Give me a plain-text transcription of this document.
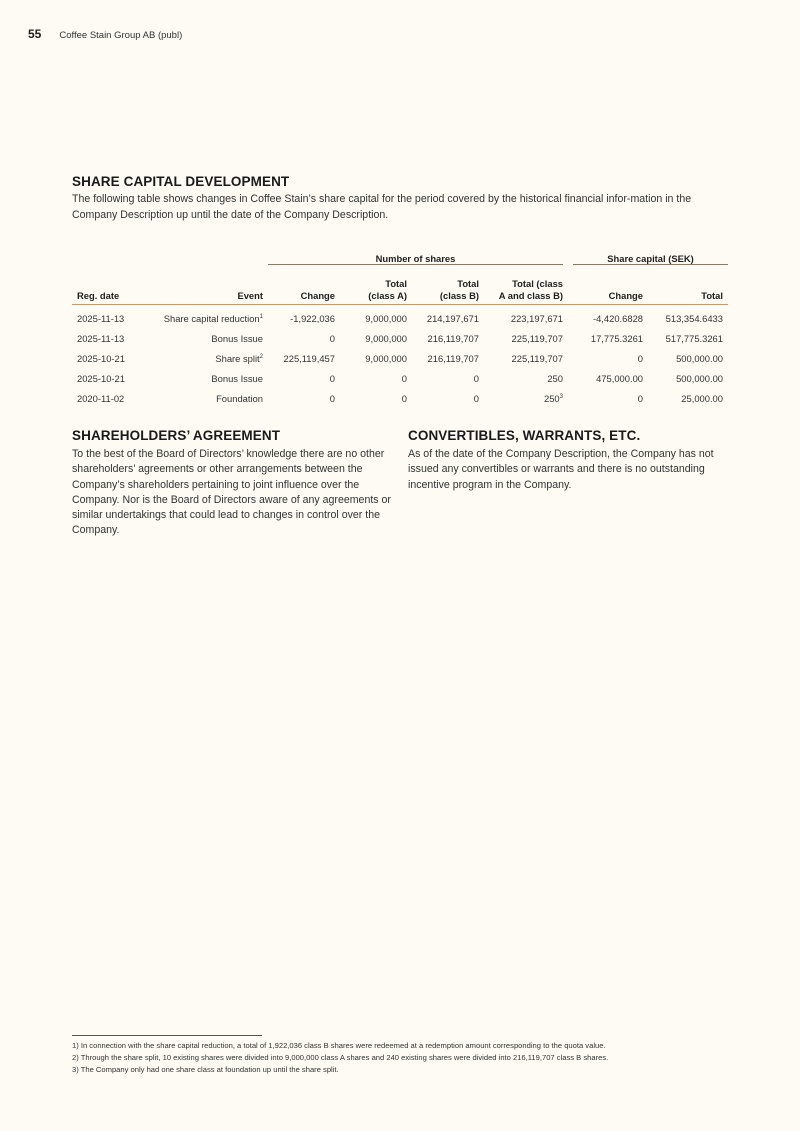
55 Coffee Stain Group AB (publ)
SHARE CAPITAL DEVELOPMENT

The following table shows changes in Coffee Stain’s share capital for the period covered by the historical financial infor-mation in the Company Description up until the date of the Company Description.

		Number of shares				Share capital (SEK)	
Reg. date	Event	Change	Total
(class A)	Total
(class B)	Total (class
A and class B)	Change	Total
2025-11-13	Share capital reduction$^1$	-1,922,036	9,000,000	214,197,671	223,197,671	-4,420.6828	513,354.6433
2025-11-13	Bonus Issue	0	9,000,000	216,119,707	225,119,707	17,775.3261	517,775.3261
2025-10-21	Share split$^2$	225,119,457	9,000,000	216,119,707	225,119,707	0	500,000.00
2025-10-21	Bonus Issue	0	0	0	250	475,000.00	500,000.00
2020-11-02	Foundation	0	0	0	$250^3$	0	25,000.00
SHAREHOLDERS’ AGREEMENT

To the best of the Board of Directors’ knowledge there are no other shareholders’ agreements or other arrangements between the Company’s shareholders pertaining to joint influence over the Company. Nor is the Board of Directors aware of any agreements or similar undertakings that could lead to changes in control over the Company.

CONVERTIBLES, WARRANTS, ETC.

As of the date of the Company Description, the Company has not issued any convertibles or warrants and there is no outstanding incentive program in the Company.

1) In connection with the share capital reduction, a total of 1,922,036 class B shares were redeemed at a redemption amount corresponding to the quota value.
2) Through the share split, 10 existing shares were divided into 9,000,000 class A shares and 240 existing shares were divided into 216,119,707 class B shares.
3) The Company only had one share class at foundation up until the share split.
